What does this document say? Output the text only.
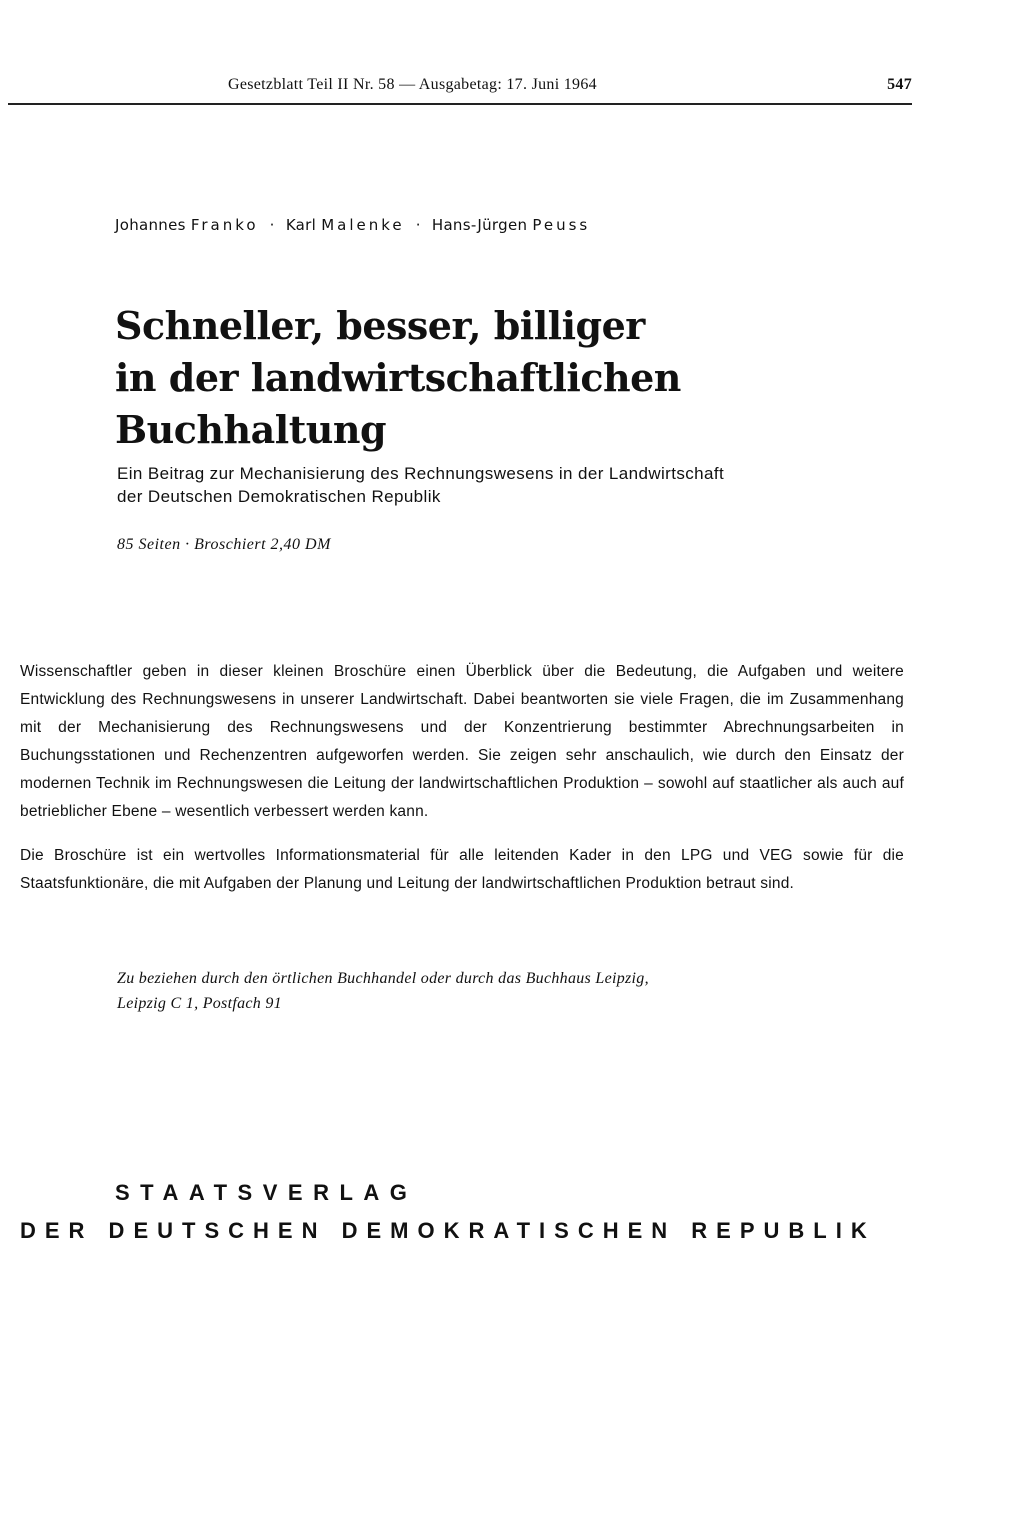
Gesetzblatt Teil II Nr. 58 — Ausgabetag: 17. Juni 1964	547
Johannes Franko · Karl Malenke · Hans-Jürgen Peuss
Schneller, besser, billiger
in der landwirtschaftlichen Buchhaltung
Ein Beitrag zur Mechanisierung des Rechnungswesens in der Landwirtschaft
der Deutschen Demokratischen Republik
85 Seiten · Broschiert 2,40 DM

Wissenschaftler geben in dieser kleinen Broschüre einen Überblick über die Bedeutung, die Aufgaben und weitere Entwicklung des Rechnungswesens in unserer Landwirtschaft. Dabei beantworten sie viele Fragen, die im Zusammenhang mit der Mechanisierung des Rechnungswesens und der Konzentrierung bestimmter Abrechnungsarbeiten in Buchungsstationen und Rechenzentren aufgeworfen werden. Sie zeigen sehr anschaulich, wie durch den Einsatz der modernen Technik im Rechnungswesen die Leitung der landwirtschaftlichen Produktion – sowohl auf staatlicher als auch auf betrieblicher Ebene – wesentlich verbessert werden kann.

Die Broschüre ist ein wertvolles Informationsmaterial für alle leitenden Kader in den LPG und VEG sowie für die Staatsfunktionäre, die mit Aufgaben der Planung und Leitung der landwirtschaftlichen Produktion betraut sind.

Zu beziehen durch den örtlichen Buchhandel oder durch das Buchhaus Leipzig,
Leipzig C 1, Postfach 91
STAATSVERLAG
DER DEUTSCHEN DEMOKRATISCHEN REPUBLIK
